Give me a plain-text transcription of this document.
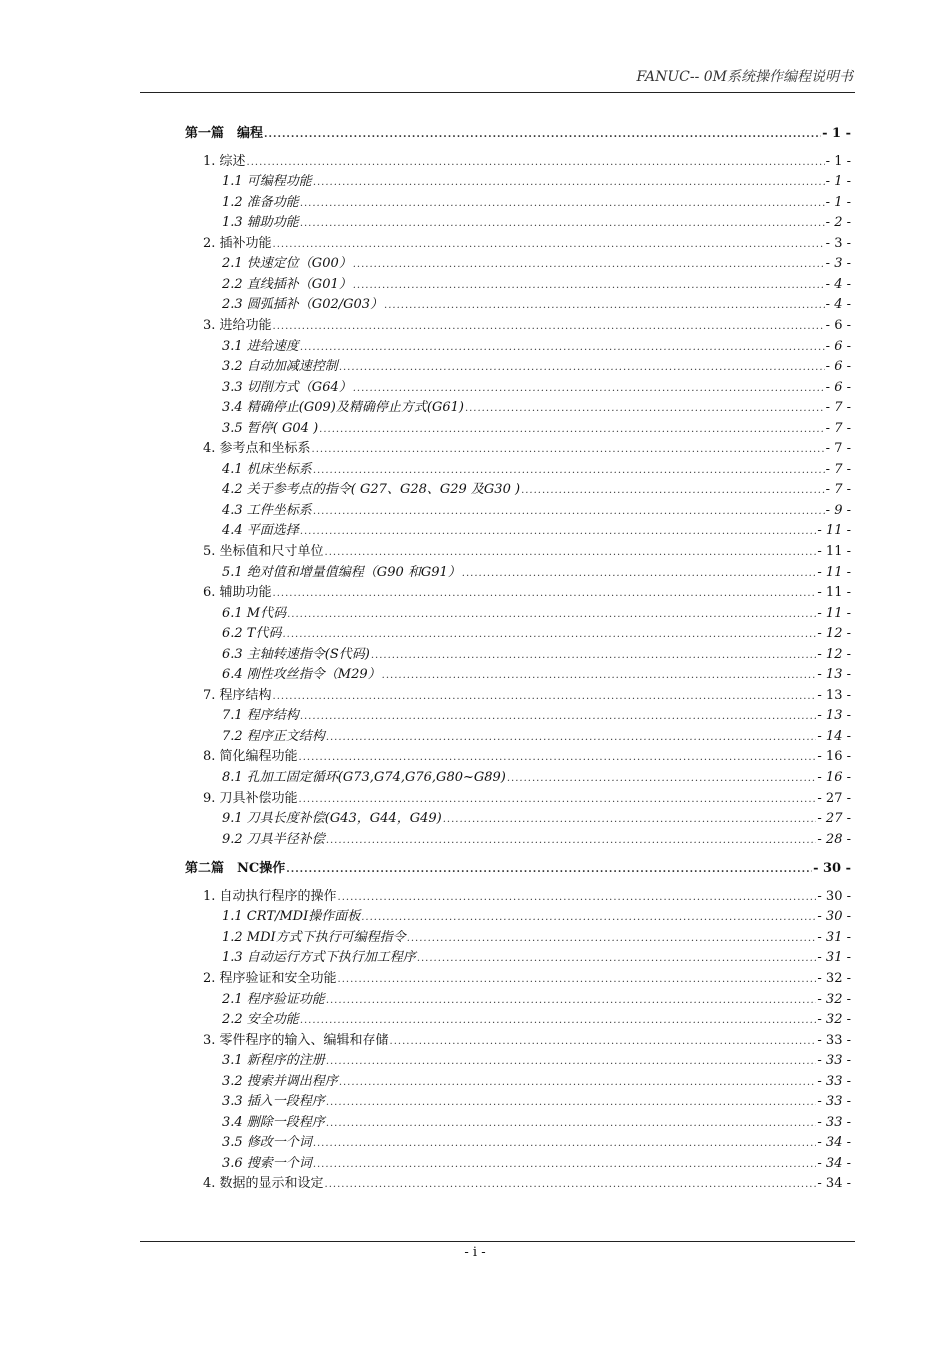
FANUC-- 0M系统操作编程说明书
第一篇　编程 .....	- 1 -
1. 综述 .....	- 1 -
1.1 可编程功能 .....	- 1 -
1.2 准备功能 .....	- 1 -
1.3 辅助功能 .....	- 2 -
2. 插补功能 .....	- 3 -
2.1 快速定位（G00） .....	- 3 -
2.2 直线插补（G01） .....	- 4 -
2.3 圆弧插补（G02/G03） .....	- 4 -
3. 进给功能 .....	- 6 -
3.1 进给速度 .....	- 6 -
3.2 自动加减速控制 .....	- 6 -
3.3 切削方式（G64） .....	- 6 -
3.4 精确停止(G09)及精确停止方式(G61) .....	- 7 -
3.5 暂停( G04 ) .....	- 7 -
4. 参考点和坐标系 .....	- 7 -
4.1 机床坐标系 .....	- 7 -
4.2 关于参考点的指令( G27、G28、G29 及G30 ) .....	- 7 -
4.3 工件坐标系 .....	- 9 -
4.4 平面选择 .....	- 11 -
5. 坐标值和尺寸单位 .....	- 11 -
5.1 绝对值和增量值编程（G90 和G91） .....	- 11 -
6. 辅助功能 .....	- 11 -
6.1 M代码 .....	- 11 -
6.2 T代码 .....	- 12 -
6.3 主轴转速指令(S代码) .....	- 12 -
6.4 刚性攻丝指令（M29） .....	- 13 -
7. 程序结构 .....	- 13 -
7.1 程序结构 .....	- 13 -
7.2 程序正文结构 .....	- 14 -
8. 简化编程功能 .....	- 16 -
8.1 孔加工固定循环(G73,G74,G76,G80~G89) .....	- 16 -
9. 刀具补偿功能 .....	- 27 -
9.1 刀具长度补偿(G43，G44，G49) .....	- 27 -
9.2 刀具半径补偿 .....	- 28 -
第二篇　NC操作 .....	- 30 -
1. 自动执行程序的操作 .....	- 30 -
1.1 CRT/MDI操作面板 .....	- 30 -
1.2 MDI方式下执行可编程指令 .....	- 31 -
1.3 自动运行方式下执行加工程序 .....	- 31 -
2. 程序验证和安全功能 .....	- 32 -
2.1 程序验证功能 .....	- 32 -
2.2 安全功能 .....	- 32 -
3. 零件程序的输入、编辑和存储 .....	- 33 -
3.1 新程序的注册 .....	- 33 -
3.2 搜索并调出程序 .....	- 33 -
3.3 插入一段程序 .....	- 33 -
3.4 删除一段程序 .....	- 33 -
3.5 修改一个词 .....	- 34 -
3.6 搜索一个词 .....	- 34 -
4. 数据的显示和设定 .....	- 34 -
- i -
